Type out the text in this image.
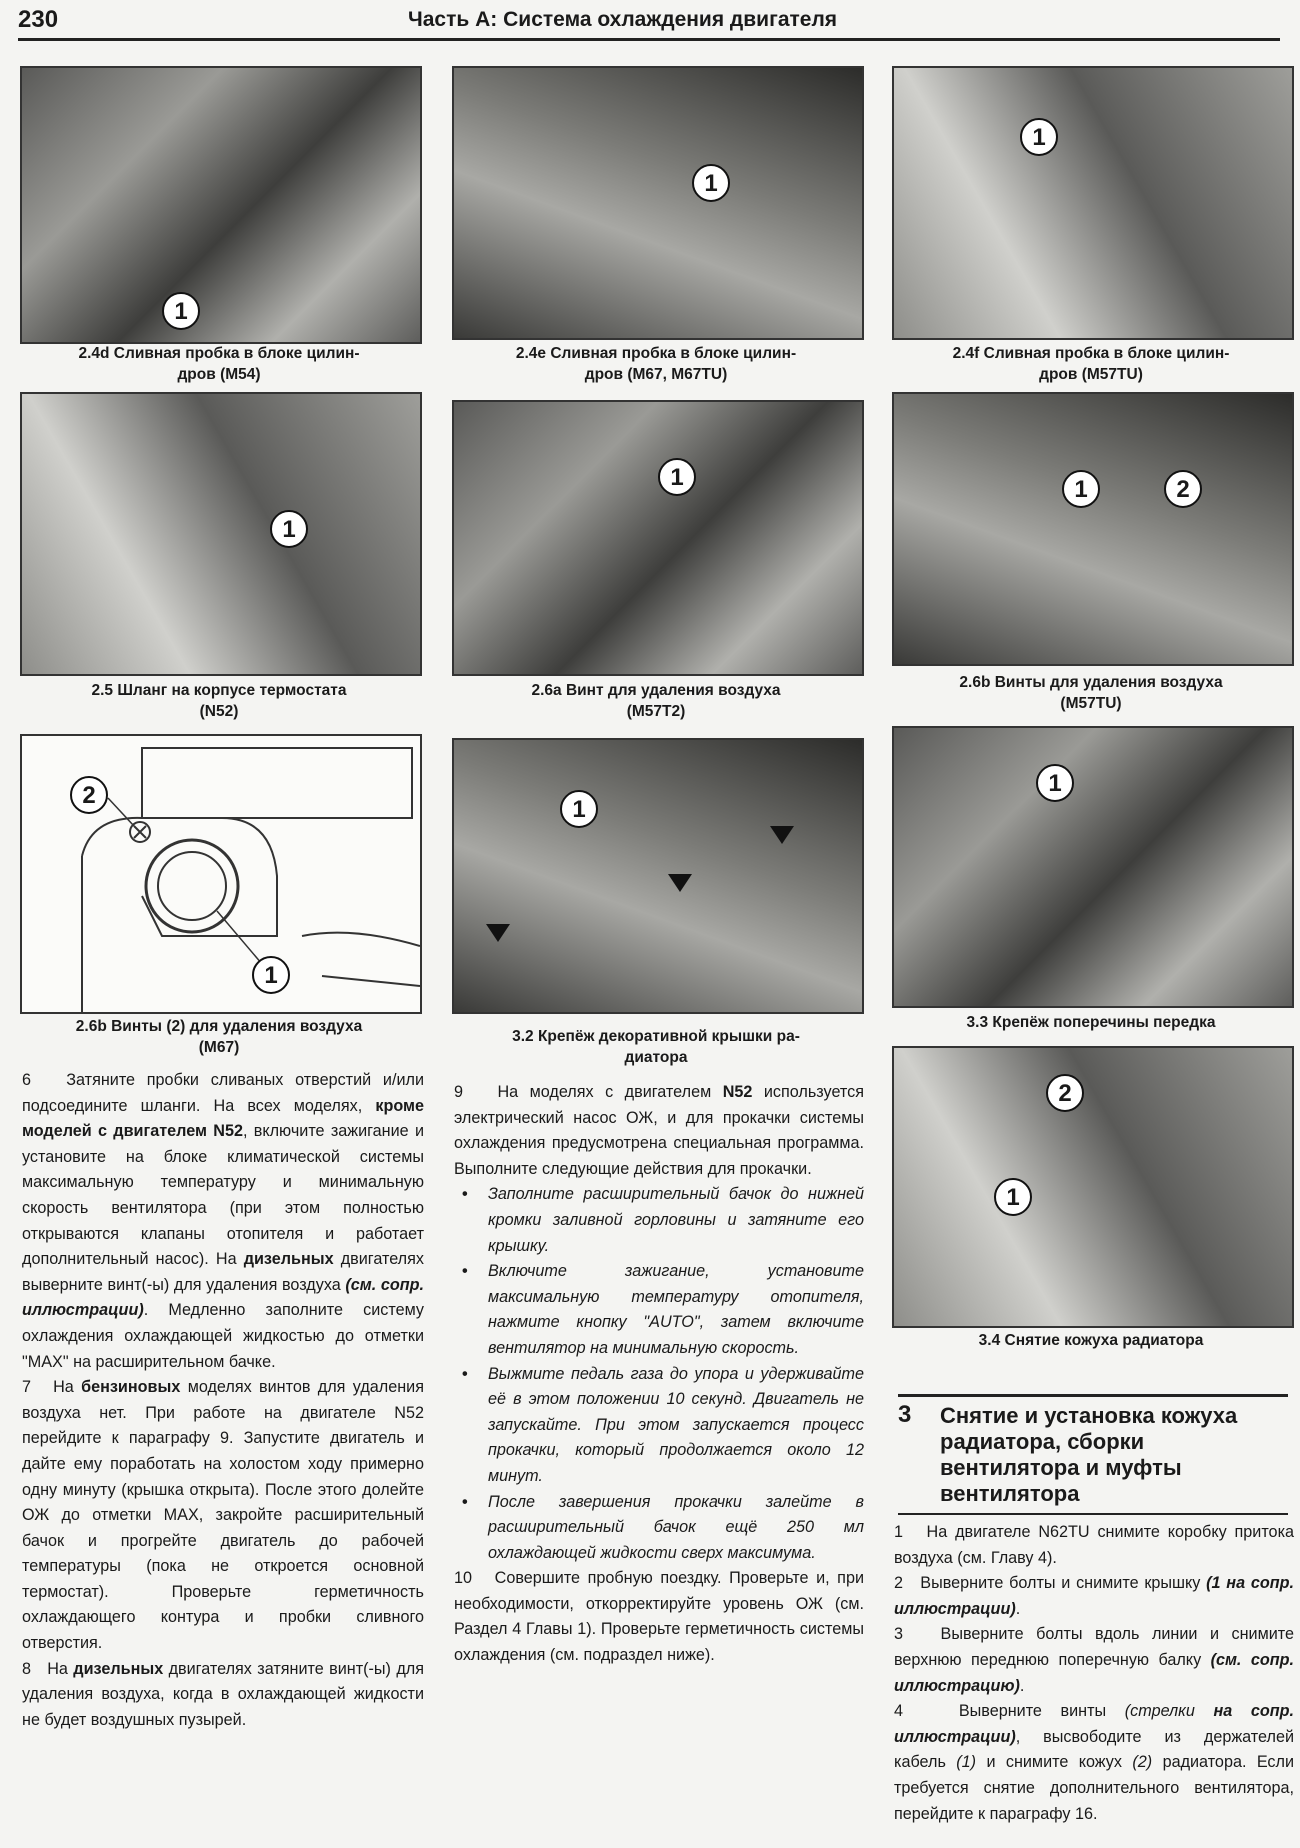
230	Часть А: Система охлаждения двигателя
1
2.4d Сливная пробка в блоке цилин-
дров (M54)
1
2.4e Сливная пробка в блоке цилин-
дров (M67, M67TU)
1
2.4f Сливная пробка в блоке цилин-
дров (M57TU)
1
2.5 Шланг на корпусе термостата
(N52)
1
2.6а Винт для удаления воздуха
(M57T2)
1	2
2.6b Винты для удаления воздуха
(M57TU)
2
1
2.6b Винты (2) для удаления воздуха
(M67)
1
3.2 Крепёж декоративной крышки ра-
диатора
1
3.3 Крепёж поперечины передка
2
1
3.4 Снятие кожуха радиатора

6 Затяните пробки сливаных отверстий и/или подсоедините шланги. На всех моделях, кроме моделей с двигателем N52, включите зажигание и установите на блоке климатической системы максимальную температуру и минимальную скорость вентилятора (при этом полностью открываются клапаны отопителя и работает дополнительный насос). На дизельных двигателях выверните винт(-ы) для удаления воздуха (см. сопр. иллюстрации). Медленно заполните систему охлаждения охлаждающей жидкостью до отметки "MAX" на расширительном бачке.

7 На бензиновых моделях винтов для удаления воздуха нет. При работе на двигателе N52 перейдите к параграфу 9. Запустите двигатель и дайте ему поработать на холостом ходу примерно одну минуту (крышка открыта). После этого долейте ОЖ до отметки MAX, закройте расширительный бачок и прогрейте двигатель до рабочей температуры (пока не откроется основной термостат). Проверьте герметичность охлаждающего контура и пробки сливного отверстия.

8 На дизельных двигателях затяните винт(-ы) для удаления воздуха, когда в охлаждающей жидкости не будет воздушных пузырей.

9 На моделях с двигателем N52 используется электрический насос ОЖ, и для прокачки системы охлаждения предусмотрена специальная программа. Выполните следующие действия для прокачки.

• Заполните расширительный бачок до нижней кромки заливной горловины и затяните его крышку.
• Включите зажигание, установите максимальную температуру отопителя, нажмите кнопку "AUTO", затем включите вентилятор на минимальную скорость.
• Выжмите педаль газа до упора и удерживайте её в этом положении 10 секунд. Двигатель не запускайте. При этом запускается процесс прокачки, который продолжается около 12 минут.
• После завершения прокачки залейте в расширительный бачок ещё 250 мл охлаждающей жидкости сверх максимума.

10 Совершите пробную поездку. Проверьте и, при необходимости, откорректируйте уровень ОЖ (см. Раздел 4 Главы 1). Проверьте герметичность системы охлаждения (см. подраздел ниже).

3 Снятие и установка кожуха радиатора, сборки вентилятора и муфты вентилятора

1 На двигателе N62TU снимите коробку притока воздуха (см. Главу 4).

2 Выверните болты и снимите крышку (1 на сопр. иллюстрации).

3 Выверните болты вдоль линии и снимите верхнюю переднюю поперечную балку (см. сопр. иллюстрацию).

4	Выверните винты (стрелки на сопр. иллюстрации), высвободите из держателей кабель (1) и снимите кожух (2) радиатора. Если требуется снятие дополнительного вентилятора, перейдите к параграфу 16.
